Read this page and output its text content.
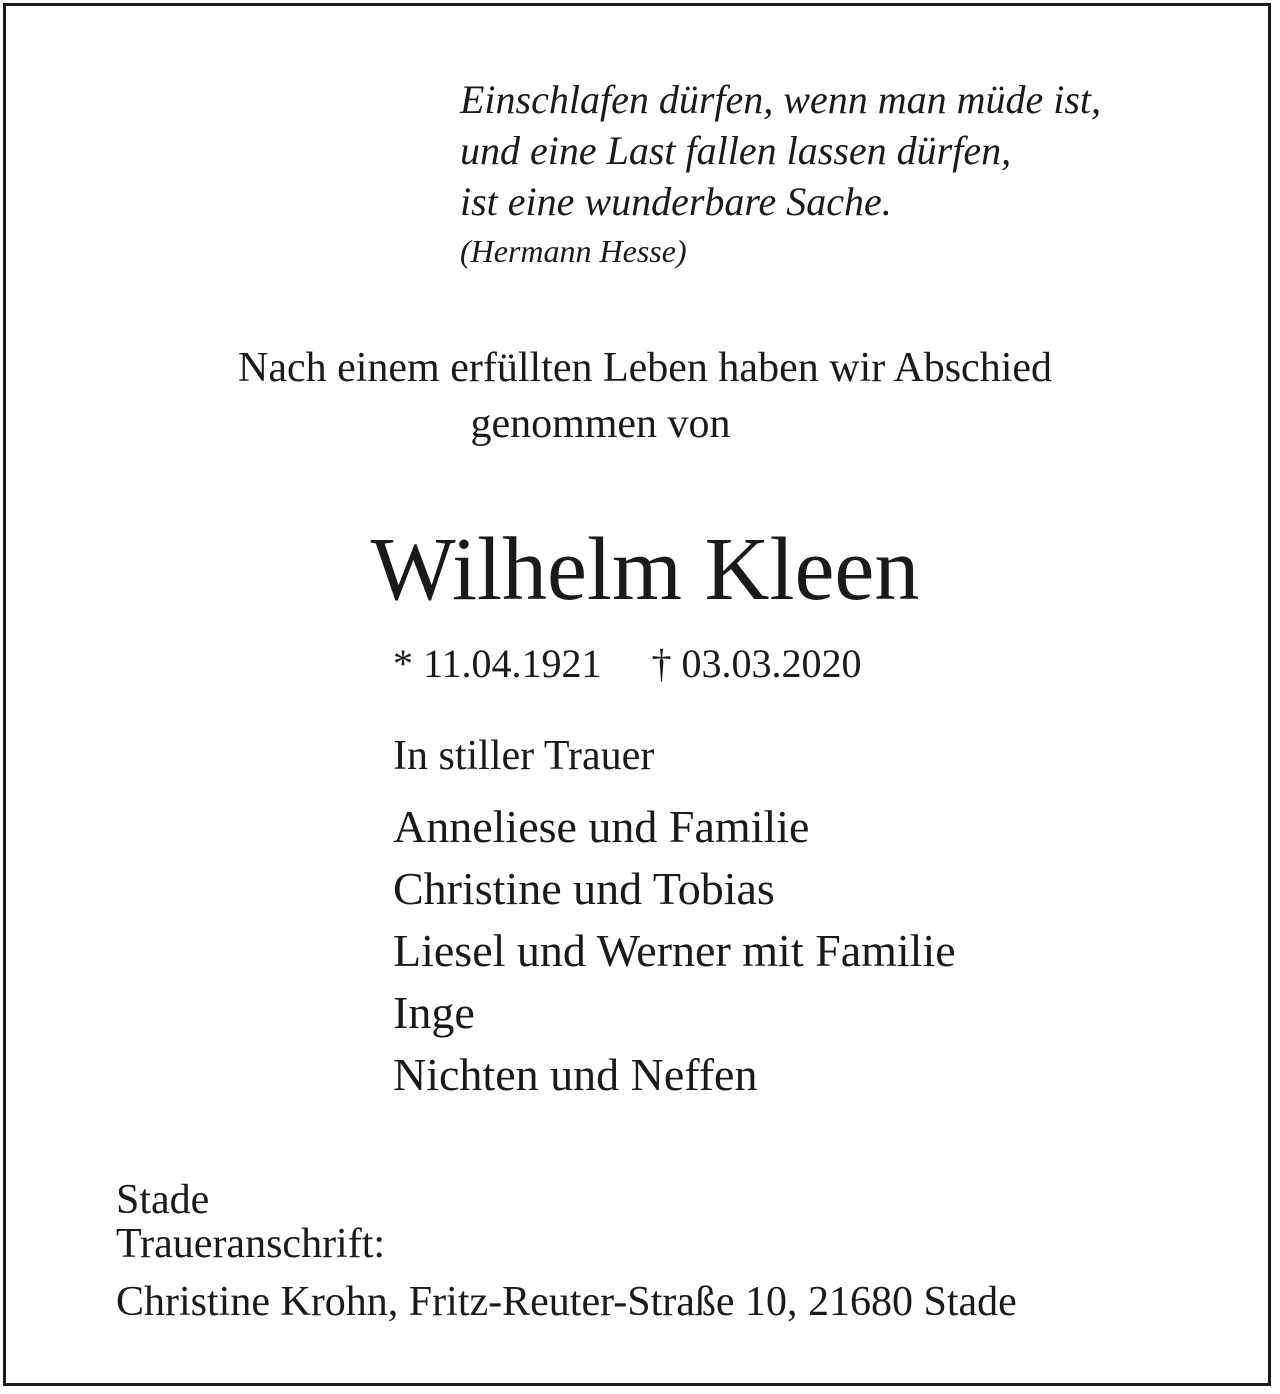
Einschlafen dürfen, wenn man müde ist,
und eine Last fallen lassen dürfen,
ist eine wunderbare Sache.
(Hermann Hesse)
Nach einem erfüllten Leben haben wir Abschied
genommen von
Wilhelm Kleen
* 11.04.1921 † 03.03.2020
In stiller Trauer
Anneliese und Familie
Christine und Tobias
Liesel und Werner mit Familie
Inge
Nichten und Neffen
Stade
Traueranschrift:
Christine Krohn, Fritz-Reuter-Straße 10, 21680 Stade
